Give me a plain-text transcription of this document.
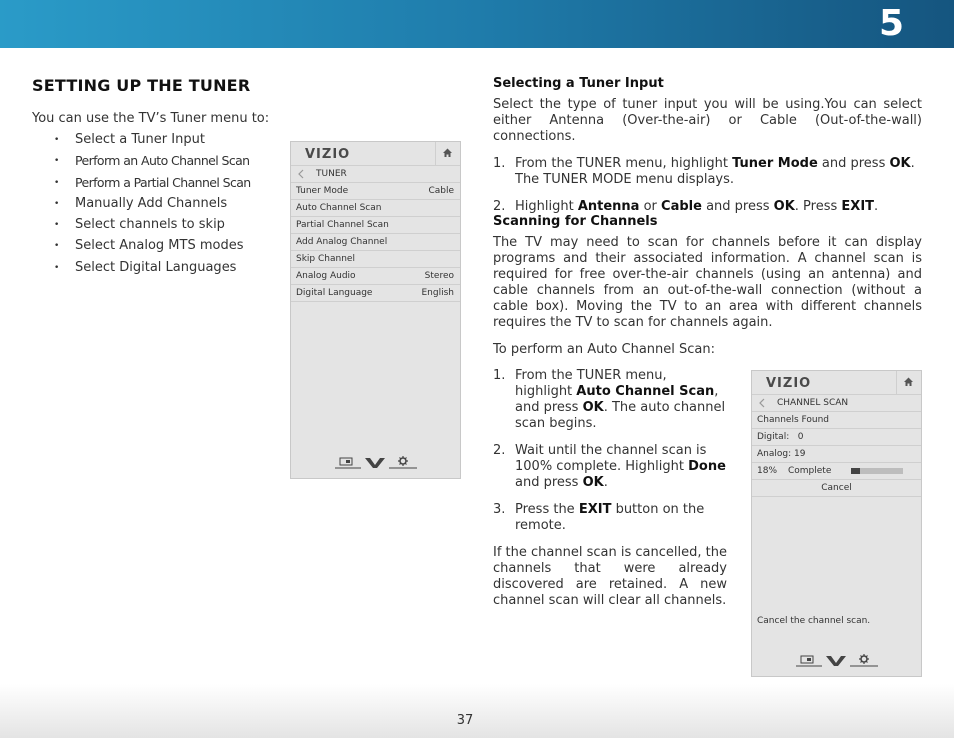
5
SETTING UP THE TUNER
You can use the TV’s Tuner menu to:
• Select a Tuner Input
• Perform an Auto Channel Scan
• Perform a Partial Channel Scan
• Manually Add Channels
• Select channels to skip
• Select Analog MTS modes
• Select Digital Languages
VIZIO
TUNER
Tuner Mode	Cable
Auto Channel Scan
Partial Channel Scan
Add Analog Channel
Skip Channel
Analog Audio	Stereo
Digital Language	English
Selecting a Tuner Input
Select the type of tuner input you will be using.You can select either Antenna (Over-the-air) or Cable (Out-of-the-wall) connections.
1. From the TUNER menu, highlight Tuner Mode and press OK. The TUNER MODE menu displays.
2. Highlight Antenna or Cable and press OK. Press EXIT.
Scanning for Channels
The TV may need to scan for channels before it can display programs and their associated information. A channel scan is required for free over-the-air channels (using an antenna) and cable channels from an out-of-the-wall connection (without a cable box). Moving the TV to an area with different channels requires the TV to scan for channels again.
To perform an Auto Channel Scan:
1. From the TUNER menu, highlight Auto Channel Scan, and press OK. The auto channel scan begins.
2. Wait until the channel scan is 100% complete. Highlight Done and press OK.
3. Press the EXIT button on the remote.
If the channel scan is cancelled, the channels that were already discovered are retained. A new channel scan will clear all channels.
VIZIO
CHANNEL SCAN
Channels Found
Digital:   0
Analog: 19
18% Complete
Cancel
Cancel the channel scan.
37
